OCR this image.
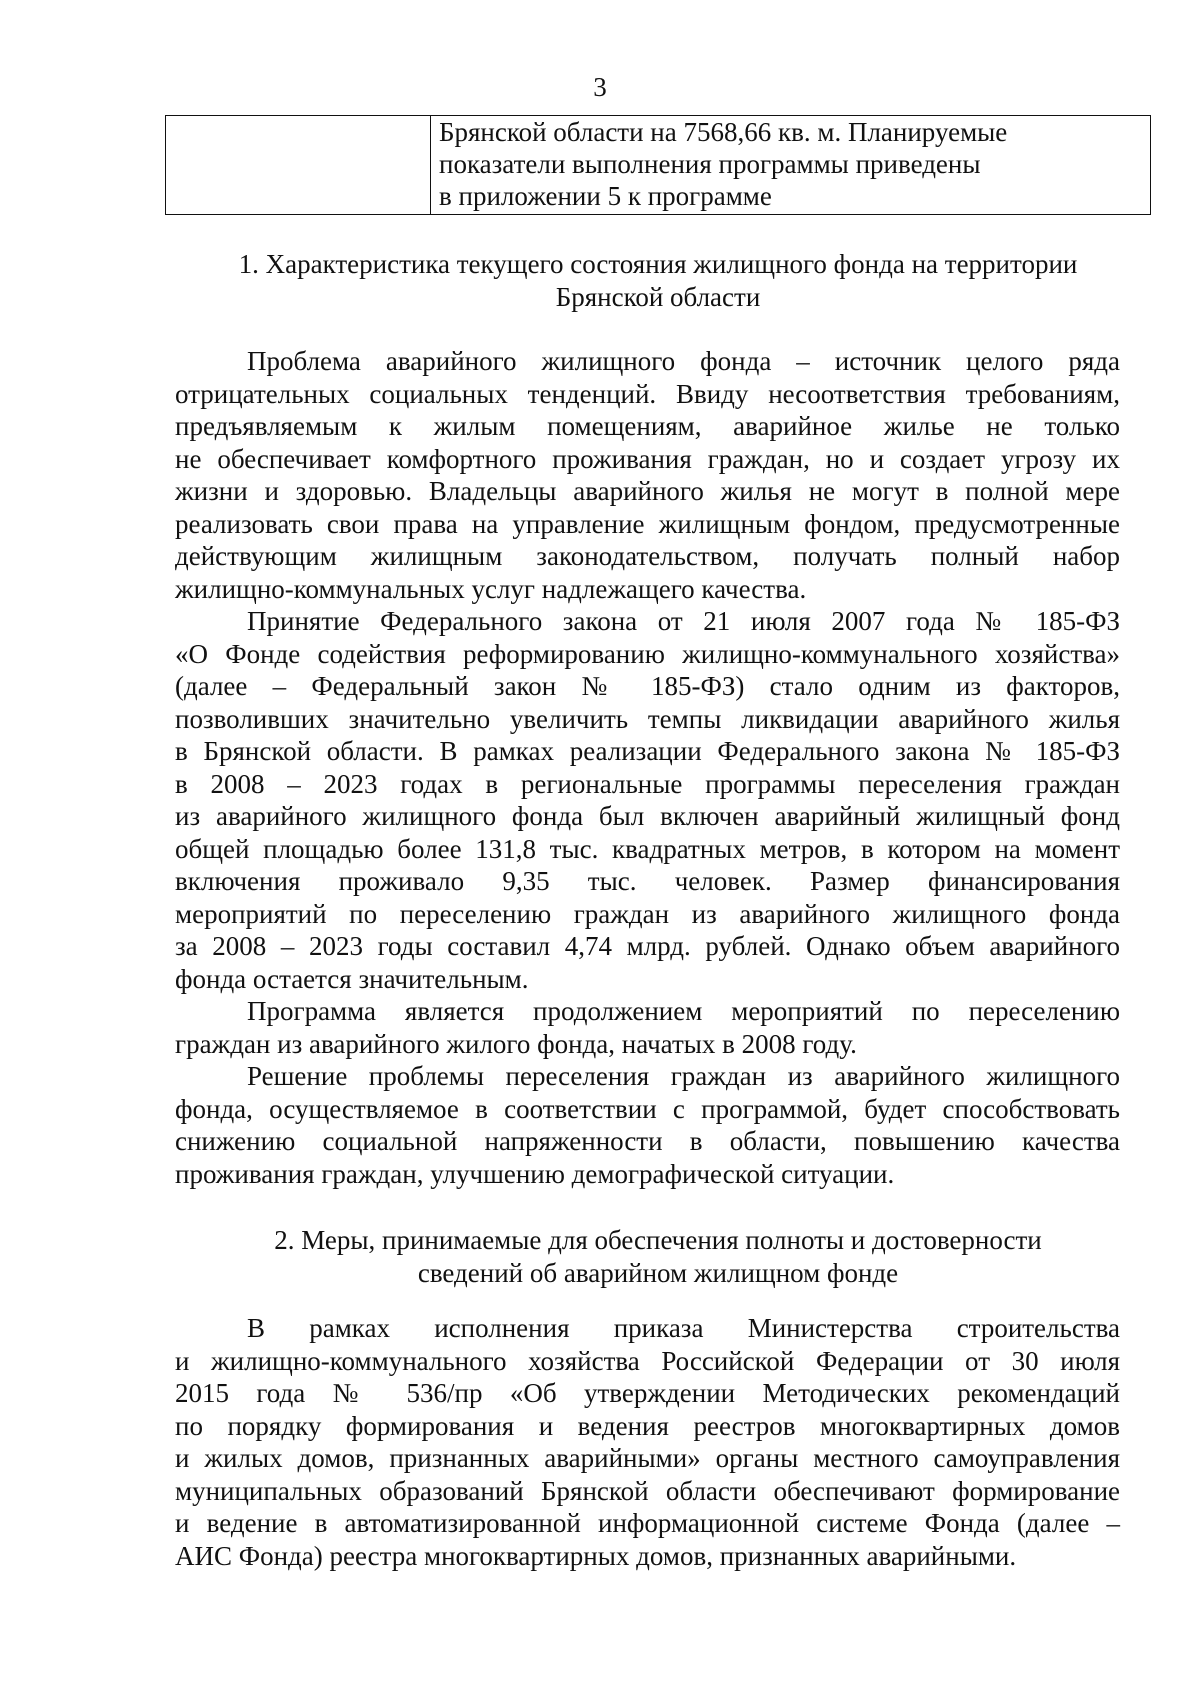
3
Брянской области на 7568,66 кв. м. Планируемые
показатели выполнения программы приведены
в приложении 5 к программе
1. Характеристика текущего состояния жилищного фонда на территории
Брянской области
Проблема аварийного жилищного фонда – источник целого ряда
отрицательных социальных тенденций. Ввиду несоответствия требованиям,
предъявляемым к жилым помещениям, аварийное жилье не только
не обеспечивает комфортного проживания граждан, но и создает угрозу их
жизни и здоровью. Владельцы аварийного жилья не могут в полной мере
реализовать свои права на управление жилищным фондом, предусмотренные
действующим жилищным законодательством, получать полный набор
жилищно-коммунальных услуг надлежащего качества.
Принятие Федерального закона от 21 июля 2007 года № 185-ФЗ
«О Фонде содействия реформированию жилищно-коммунального хозяйства»
(далее – Федеральный закон № 185-ФЗ) стало одним из факторов,
позволивших значительно увеличить темпы ликвидации аварийного жилья
в Брянской области. В рамках реализации Федерального закона № 185-ФЗ
в 2008 – 2023 годах в региональные программы переселения граждан
из аварийного жилищного фонда был включен аварийный жилищный фонд
общей площадью более 131,8 тыс. квадратных метров, в котором на момент
включения проживало 9,35 тыс. человек. Размер финансирования
мероприятий по переселению граждан из аварийного жилищного фонда
за 2008 – 2023 годы составил 4,74 млрд. рублей. Однако объем аварийного
фонда остается значительным.
Программа является продолжением мероприятий по переселению
граждан из аварийного жилого фонда, начатых в 2008 году.
Решение проблемы переселения граждан из аварийного жилищного
фонда, осуществляемое в соответствии с программой, будет способствовать
снижению социальной напряженности в области, повышению качества
проживания граждан, улучшению демографической ситуации.
2. Меры, принимаемые для обеспечения полноты и достоверности
сведений об аварийном жилищном фонде
В рамках исполнения приказа Министерства строительства
и жилищно-коммунального хозяйства Российской Федерации от 30 июля
2015 года № 536/пр «Об утверждении Методических рекомендаций
по порядку формирования и ведения реестров многоквартирных домов
и жилых домов, признанных аварийными» органы местного самоуправления
муниципальных образований Брянской области обеспечивают формирование
и ведение в автоматизированной информационной системе Фонда (далее –
АИС Фонда) реестра многоквартирных домов, признанных аварийными.
